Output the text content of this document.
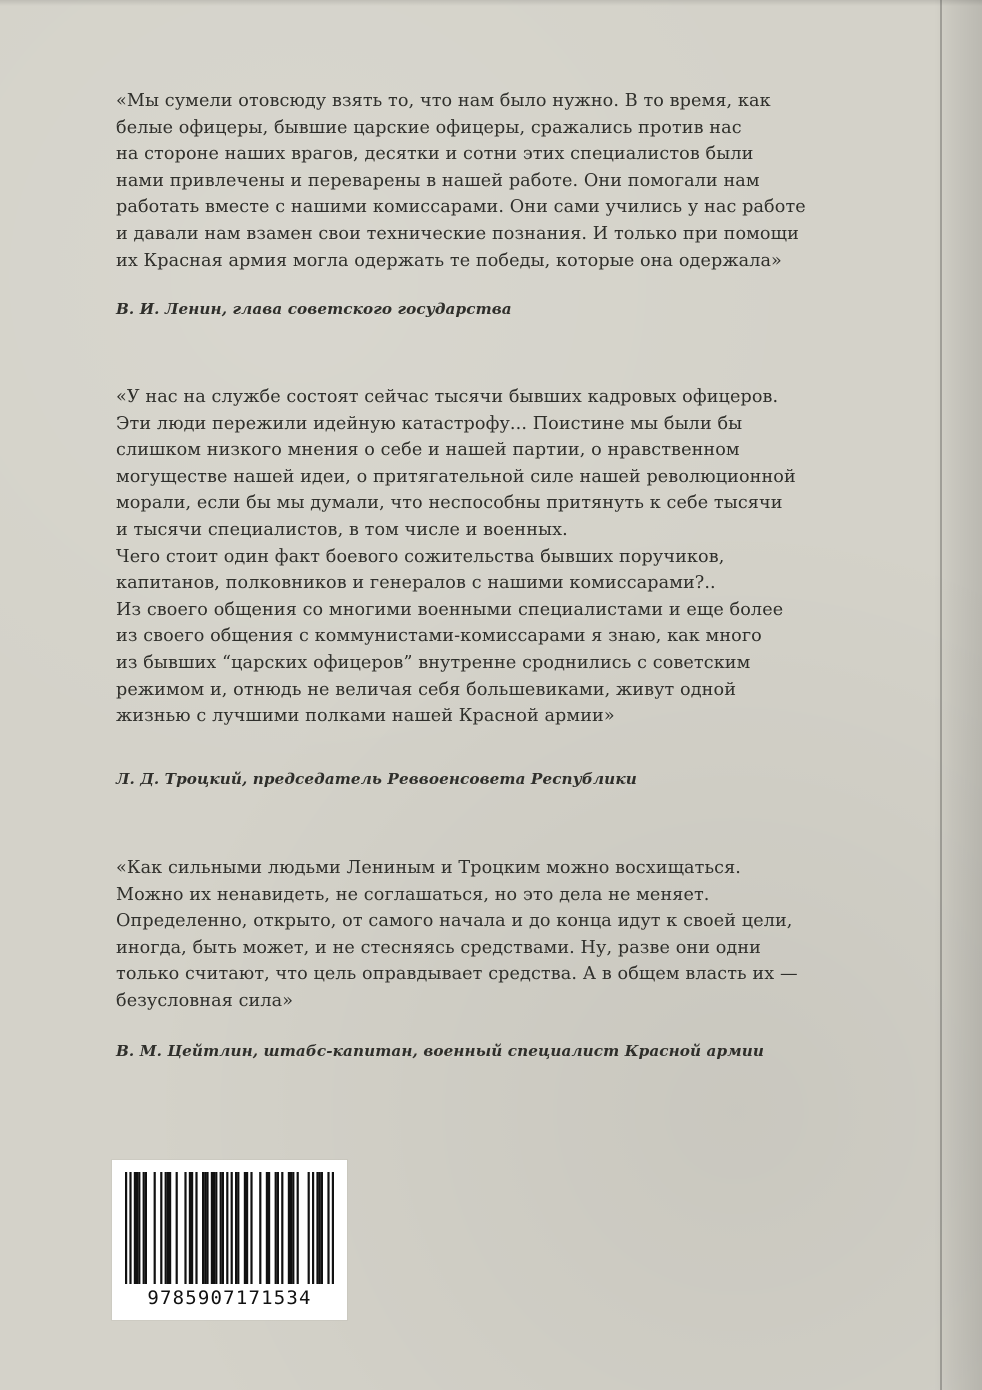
«Мы сумели отовсюду взять то, что нам было нужно. В то время, как
белые офицеры, бывшие царские офицеры, сражались против нас
на стороне наших врагов, десятки и сотни этих специалистов были
нами привлечены и переварены в нашей работе. Они помогали нам
работать вместе с нашими комиссарами. Они сами учились у нас работе
и давали нам взамен свои технические познания. И только при помощи
их Красная армия могла одержать те победы, которые она одержала»

В. И. Ленин, глава советского государства

«У нас на службе состоят сейчас тысячи бывших кадровых офицеров.
Эти люди пережили идейную катастрофу... Поистине мы были бы
слишком низкого мнения о себе и нашей партии, о нравственном
могуществе нашей идеи, о притягательной силе нашей революционной
морали, если бы мы думали, что неспособны притянуть к себе тысячи
и тысячи специалистов, в том числе и военных.
Чего стоит один факт боевого сожительства бывших поручиков,
капитанов, полковников и генералов с нашими комиссарами?..
Из своего общения со многими военными специалистами и еще более
из своего общения с коммунистами-комиссарами я знаю, как много
из бывших “царских офицеров” внутренне сроднились с советским
режимом и, отнюдь не величая себя большевиками, живут одной
жизнью с лучшими полками нашей Красной армии»

Л. Д. Троцкий, председатель Реввоенсовета Республики

«Как сильными людьми Лениным и Троцким можно восхищаться.
Можно их ненавидеть, не соглашаться, но это дела не меняет.
Определенно, открыто, от самого начала и до конца идут к своей цели,
иногда, быть может, и не стесняясь средствами. Ну, разве они одни
только считают, что цель оправдывает средства. А в общем власть их —
безусловная сила»

В. М. Цейтлин, штабс-капитан, военный специалист Красной армии

9785907171534
